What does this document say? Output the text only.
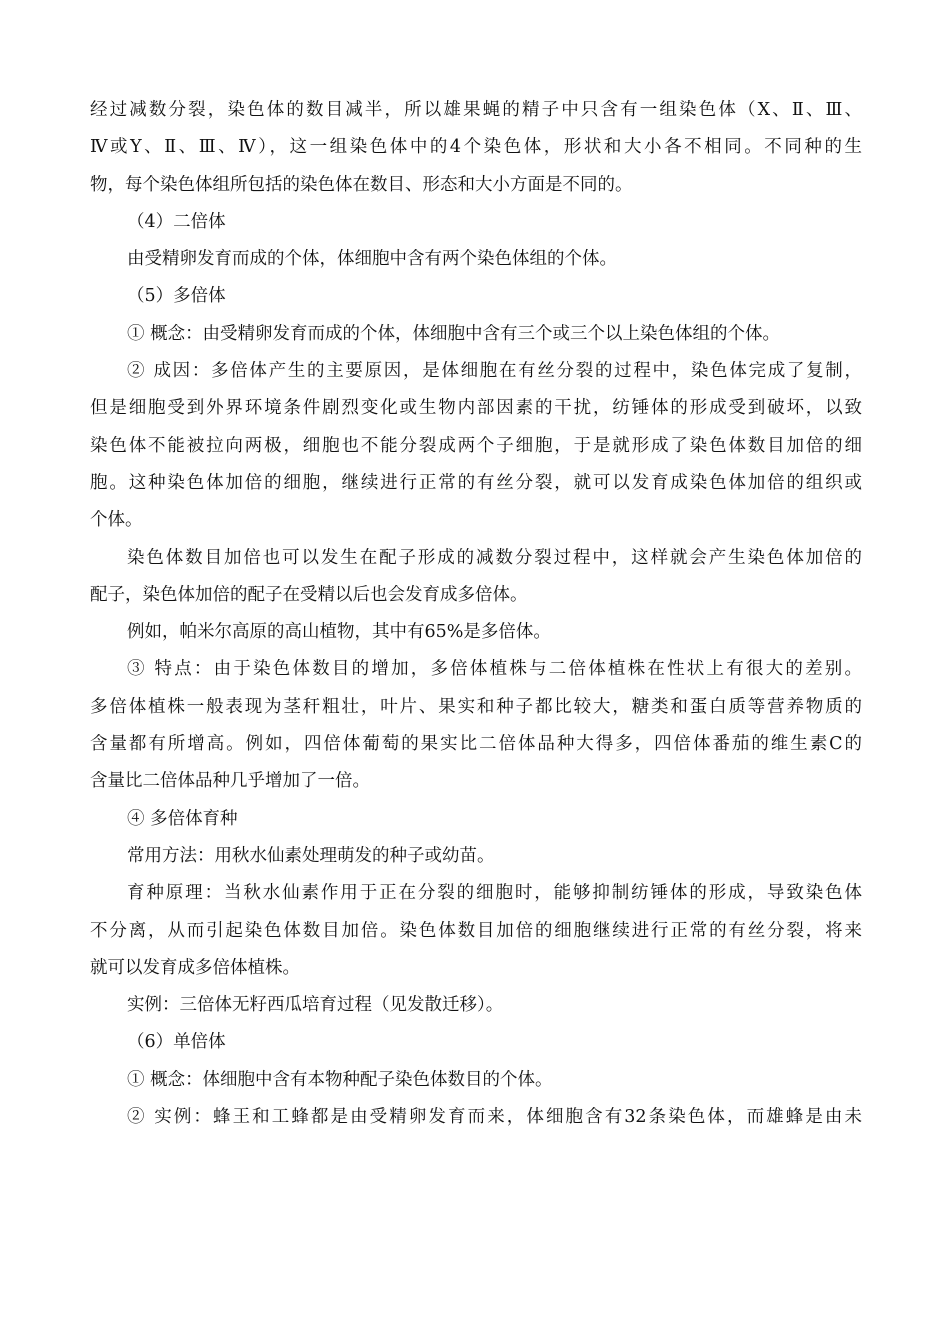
经过减数分裂，染色体的数目减半，所以雄果蝇的精子中只含有一组染色体（X、Ⅱ、Ⅲ、
Ⅳ或Y、Ⅱ、Ⅲ、Ⅳ），这一组染色体中的4个染色体，形状和大小各不相同。不同种的生
物，每个染色体组所包括的染色体在数目、形态和大小方面是不同的。
（4）二倍体
由受精卵发育而成的个体，体细胞中含有两个染色体组的个体。
（5）多倍体
① 概念：由受精卵发育而成的个体，体细胞中含有三个或三个以上染色体组的个体。
② 成因：多倍体产生的主要原因，是体细胞在有丝分裂的过程中，染色体完成了复制，
但是细胞受到外界环境条件剧烈变化或生物内部因素的干扰，纺锤体的形成受到破坏，以致
染色体不能被拉向两极，细胞也不能分裂成两个子细胞，于是就形成了染色体数目加倍的细
胞。这种染色体加倍的细胞，继续进行正常的有丝分裂，就可以发育成染色体加倍的组织或
个体。
染色体数目加倍也可以发生在配子形成的减数分裂过程中，这样就会产生染色体加倍的
配子，染色体加倍的配子在受精以后也会发育成多倍体。
例如，帕米尔高原的高山植物，其中有65%是多倍体。
③ 特点：由于染色体数目的增加，多倍体植株与二倍体植株在性状上有很大的差别。
多倍体植株一般表现为茎秆粗壮，叶片、果实和种子都比较大，糖类和蛋白质等营养物质的
含量都有所增高。例如，四倍体葡萄的果实比二倍体品种大得多，四倍体番茄的维生素C的
含量比二倍体品种几乎增加了一倍。
④ 多倍体育种
常用方法：用秋水仙素处理萌发的种子或幼苗。
育种原理：当秋水仙素作用于正在分裂的细胞时，能够抑制纺锤体的形成，导致染色体
不分离，从而引起染色体数目加倍。染色体数目加倍的细胞继续进行正常的有丝分裂，将来
就可以发育成多倍体植株。
实例：三倍体无籽西瓜培育过程（见发散迁移）。
（6）单倍体
① 概念：体细胞中含有本物种配子染色体数目的个体。
② 实例：蜂王和工蜂都是由受精卵发育而来，体细胞含有32条染色体，而雄蜂是由未
